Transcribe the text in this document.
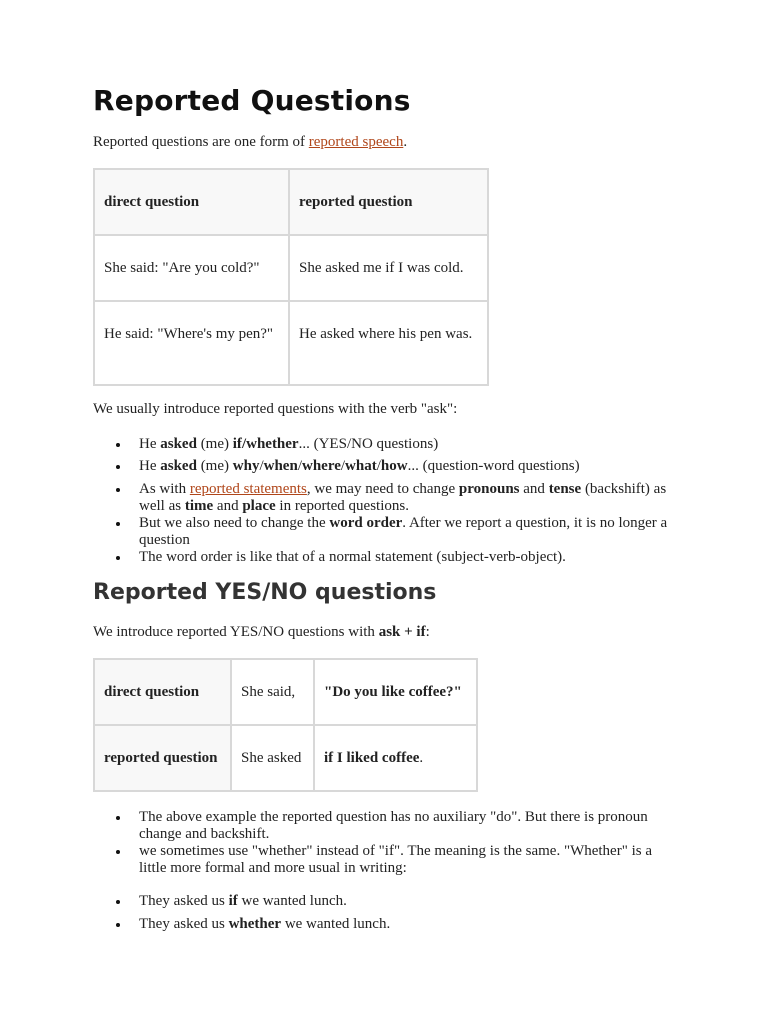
Reported Questions

Reported questions are one form of reported speech.

direct question	reported question
She said: "Are you cold?"	She asked me if I was cold.
He said: "Where's my pen?"	He asked where his pen was.

We usually introduce reported questions with the verb "ask":

He asked (me) if/whether... (YES/NO questions)
He asked (me) why/when/where/what/how... (question-word questions)
As with reported statements, we may need to change pronouns and tense (backshift) as well as time and place in reported questions.
But we also need to change the word order. After we report a question, it is no longer a question
The word order is like that of a normal statement (subject-verb-object).
Reported YES/NO questions

We introduce reported YES/NO questions with ask + if:

direct question	She said,	"Do you like coffee?"
reported question	She asked	if I liked coffee.
The above example the reported question has no auxiliary "do". But there is pronoun change and backshift.
we sometimes use "whether" instead of "if". The meaning is the same. "Whether" is a little more formal and more usual in writing:
They asked us if we wanted lunch.
They asked us whether we wanted lunch.
